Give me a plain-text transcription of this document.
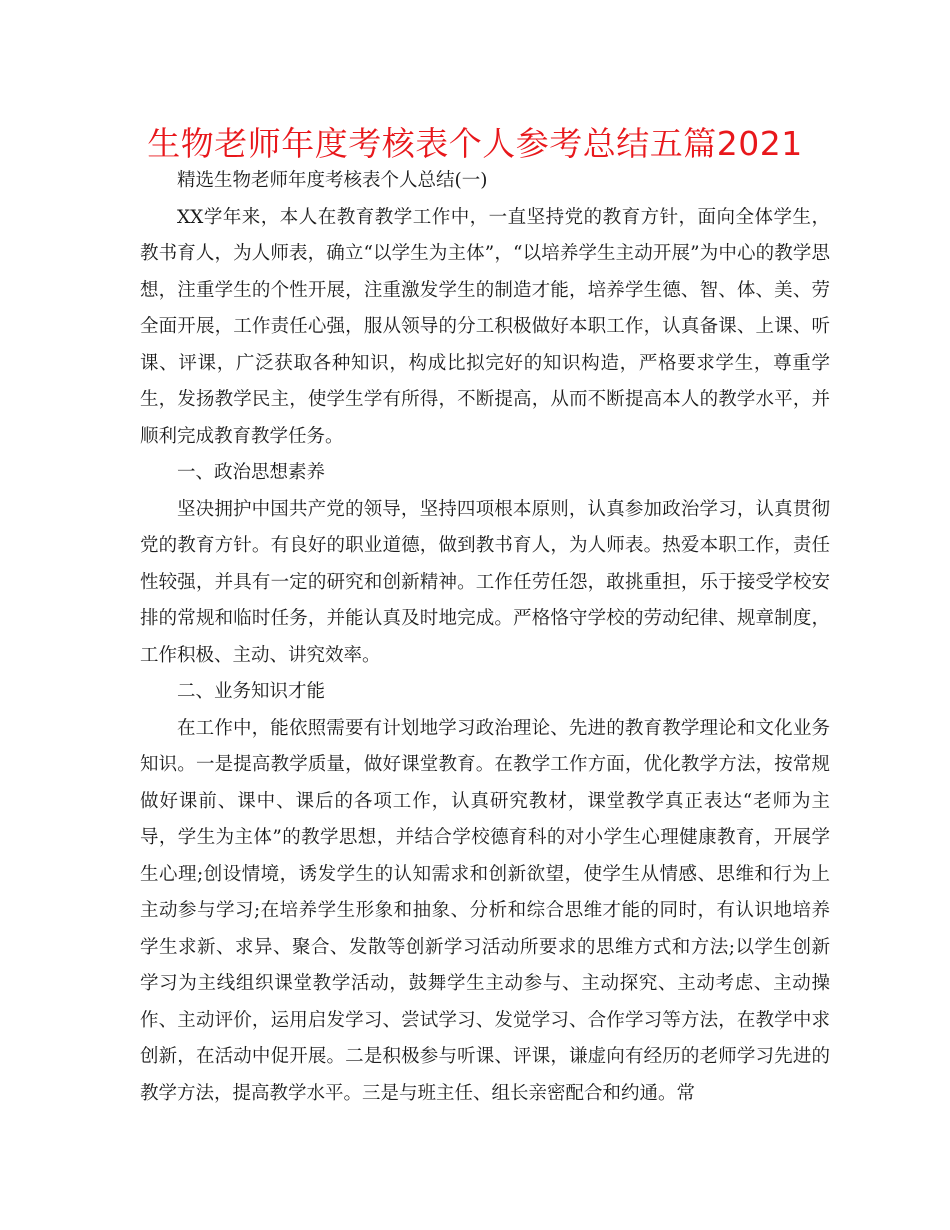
生物老师年度考核表个人参考总结五篇2021

精选生物老师年度考核表个人总结(一)

XX学年来，本人在教育教学工作中，一直坚持党的教育方针，面向全体学生，教书育人，为人师表，确立“以学生为主体”，“以培养学生主动开展”为中心的教学思想，注重学生的个性开展，注重激发学生的制造才能，培养学生德、智、体、美、劳全面开展，工作责任心强，服从领导的分工积极做好本职工作，认真备课、上课、听课、评课，广泛获取各种知识，构成比拟完好的知识构造，严格要求学生，尊重学生，发扬教学民主，使学生学有所得，不断提高，从而不断提高本人的教学水平，并顺利完成教育教学任务。

一、政治思想素养

坚决拥护中国共产党的领导，坚持四项根本原则，认真参加政治学习，认真贯彻党的教育方针。有良好的职业道德，做到教书育人，为人师表。热爱本职工作，责任性较强，并具有一定的研究和创新精神。工作任劳任怨，敢挑重担，乐于接受学校安排的常规和临时任务，并能认真及时地完成。严格恪守学校的劳动纪律、规章制度，工作积极、主动、讲究效率。

二、业务知识才能

在工作中，能依照需要有计划地学习政治理论、先进的教育教学理论和文化业务知识。一是提高教学质量，做好课堂教育。在教学工作方面，优化教学方法，按常规做好课前、课中、课后的各项工作，认真研究教材，课堂教学真正表达“老师为主导，学生为主体”的教学思想，并结合学校德育科的对小学生心理健康教育，开展学生心理;创设情境，诱发学生的认知需求和创新欲望，使学生从情感、思维和行为上主动参与学习;在培养学生形象和抽象、分析和综合思维才能的同时，有认识地培养学生求新、求异、聚合、发散等创新学习活动所要求的思维方式和方法;以学生创新学习为主线组织课堂教学活动，鼓舞学生主动参与、主动探究、主动考虑、主动操作、主动评价，运用启发学习、尝试学习、发觉学习、合作学习等方法，在教学中求创新，在活动中促开展。二是积极参与听课、评课，谦虚向有经历的老师学习先进的教学方法，提高教学水平。三是与班主任、组长亲密配合和约通。常
